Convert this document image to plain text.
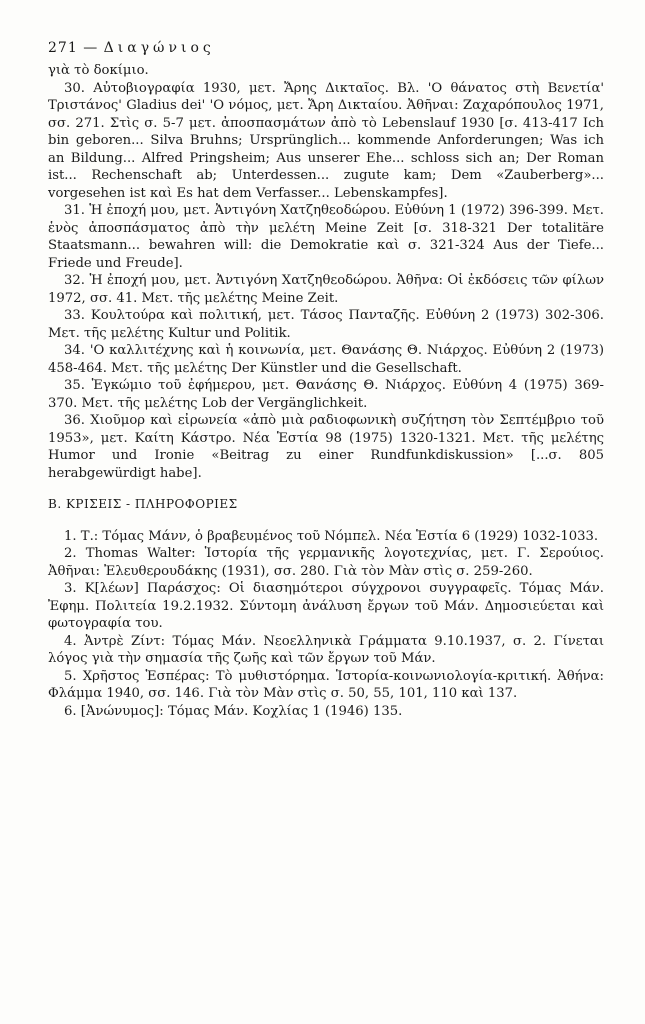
271 — Διαγώνιος

γιὰ τὸ δοκίμιο.

30. Αὐτοβιογραφία 1930, μετ. Ἄρης Δικταῖος. Βλ. 'Ο θάνατος στὴ Βενετία' Τριστάνος' Gladius dei' 'Ο νόμος, μετ. Ἄρη Δικταίου. Ἀθῆναι: Ζαχαρόπουλος 1971, σσ. 271. Στὶς σ. 5-7 μετ. ἀποσπασμάτων ἀπὸ τὸ Lebenslauf 1930 [σ. 413-417 Ich bin geboren... Silva Bruhns; Ursprünglich... kommende Anforderungen; Was ich an Bildung... Alfred Pringsheim; Aus unserer Ehe... schloss sich an; Der Roman ist... Rechenschaft ab; Unterdessen... zugute kam; Dem «Zauberberg»... vorgesehen ist καὶ Es hat dem Verfasser... Lebenskampfes].

31. Ἡ ἐποχή μου, μετ. Ἀντιγόνη Χατζηθεοδώρου. Εὐθύνη 1 (1972) 396-399. Μετ. ἑνὸς ἀποσπάσματος ἀπὸ τὴν μελέτη Meine Zeit [σ. 318-321 Der totalitäre Staatsmann... bewahren will: die Demokratie καὶ σ. 321-324 Aus der Tiefe... Friede und Freude].

32. Ἡ ἐποχή μου, μετ. Ἀντιγόνη Χατζηθεοδώρου. Ἀθῆνα: Οἱ ἐκδόσεις τῶν φίλων 1972, σσ. 41. Μετ. τῆς μελέτης Meine Zeit.

33. Κουλτούρα καὶ πολιτική, μετ. Τάσος Πανταζῆς. Εὐθύνη 2 (1973) 302-306. Μετ. τῆς μελέτης Kultur und Politik.

34. 'Ο καλλιτέχνης καὶ ἡ κοινωνία, μετ. Θανάσης Θ. Νιάρχος. Εὐθύνη 2 (1973) 458-464. Μετ. τῆς μελέτης Der Künstler und die Gesellschaft.

35. Ἐγκώμιο τοῦ ἐφήμερου, μετ. Θανάσης Θ. Νιάρχος. Εὐθύνη 4 (1975) 369-370. Μετ. τῆς μελέτης Lob der Vergänglichkeit.

36. Χιοῦμορ καὶ εἰρωνεία «ἀπὸ μιὰ ραδιοφωνικὴ συζήτηση τὸν Σεπτέμβριο τοῦ 1953», μετ. Καίτη Κάστρο. Νέα Ἑστία 98 (1975) 1320-1321. Μετ. τῆς μελέτης Humor und Ironie «Beitrag zu einer Rundfunkdiskussion» [...σ. 805 herabgewürdigt habe].

Β. ΚΡΙΣΕΙΣ - ΠΛΗΡΟΦΟΡΙΕΣ

1. Τ.: Τόμας Μάνν, ὁ βραβευμένος τοῦ Νόμπελ. Νέα Ἑστία 6 (1929) 1032-1033.

2. Thomas Walter: Ἱστορία τῆς γερμανικῆς λογοτεχνίας, μετ. Γ. Σερούιος. Ἀθῆναι: Ἐλευθερουδάκης (1931), σσ. 280. Γιὰ τὸν Μὰν στὶς σ. 259-260.

3. Κ[λέων] Παράσχος: Οἱ διασημότεροι σύγχρονοι συγγραφεῖς. Τόμας Μάν. Ἐφημ. Πολιτεία 19.2.1932. Σύντομη ἀνάλυση ἔργων τοῦ Μάν. Δημοσιεύεται καὶ φωτογραφία του.

4. Ἀντρὲ Ζίντ: Τόμας Μάν. Νεοελληνικὰ Γράμματα 9.10.1937, σ. 2. Γίνεται λόγος γιὰ τὴν σημασία τῆς ζωῆς καὶ τῶν ἔργων τοῦ Μάν.

5. Χρῆστος Ἑσπέρας: Τὸ μυθιστόρημα. Ἱστορία-κοινωνιολογία-κριτική. Ἀθήνα: Φλάμμα 1940, σσ. 146. Γιὰ τὸν Μὰν στὶς σ. 50, 55, 101, 110 καὶ 137.

6. [Ἀνώνυμος]: Τόμας Μάν. Κοχλίας 1 (1946) 135.
